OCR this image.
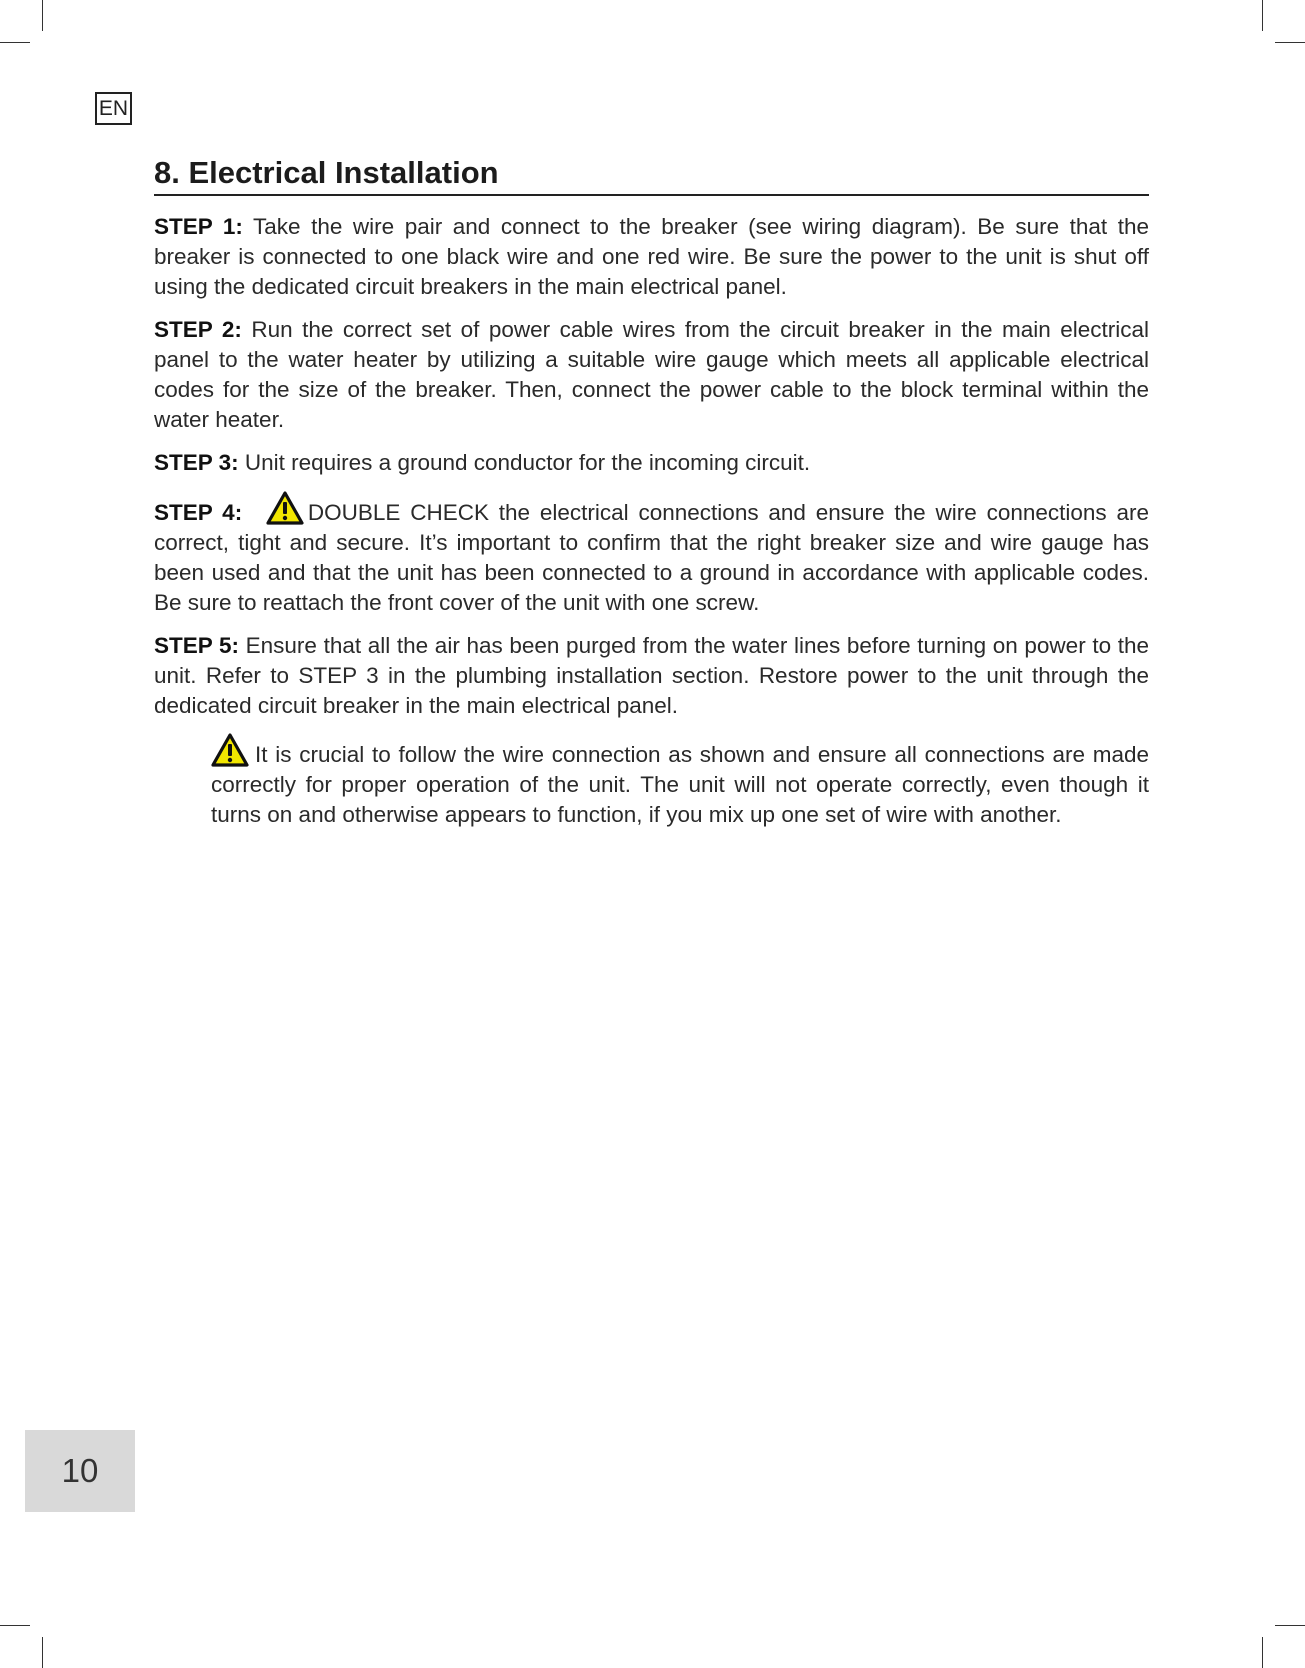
EN
8. Electrical Installation

STEP 1: Take the wire pair and connect to the breaker (see wiring diagram). Be sure that the breaker is connected to one black wire and one red wire. Be sure the power to the unit is shut off using the dedicated circuit breakers in the main electrical panel.

STEP 2: Run the correct set of power cable wires from the circuit breaker in the main electrical panel to the water heater by utilizing a suitable wire gauge which meets all applicable electrical codes for the size of the breaker. Then, connect the power cable to the block terminal within the water heater.

STEP 3: Unit requires a ground conductor for the incoming circuit.

STEP 4:	DOUBLE CHECK the electrical connections and ensure the wire connections are correct, tight and secure. It’s important to confirm that the right breaker size and wire gauge has been used and that the unit has been connected to a ground in accordance with applicable codes. Be sure to reattach the front cover of the unit with one screw.

STEP 5: Ensure that all the air has been purged from the water lines before turning on power to the unit. Refer to STEP 3 in the plumbing installation section. Restore power to the unit through the dedicated circuit breaker in the main electrical panel.

It is crucial to follow the wire connection as shown and ensure all connections are made correctly for proper operation of the unit. The unit will not operate correctly, even though it turns on and otherwise appears to function, if you mix up one set of wire with another.

10
